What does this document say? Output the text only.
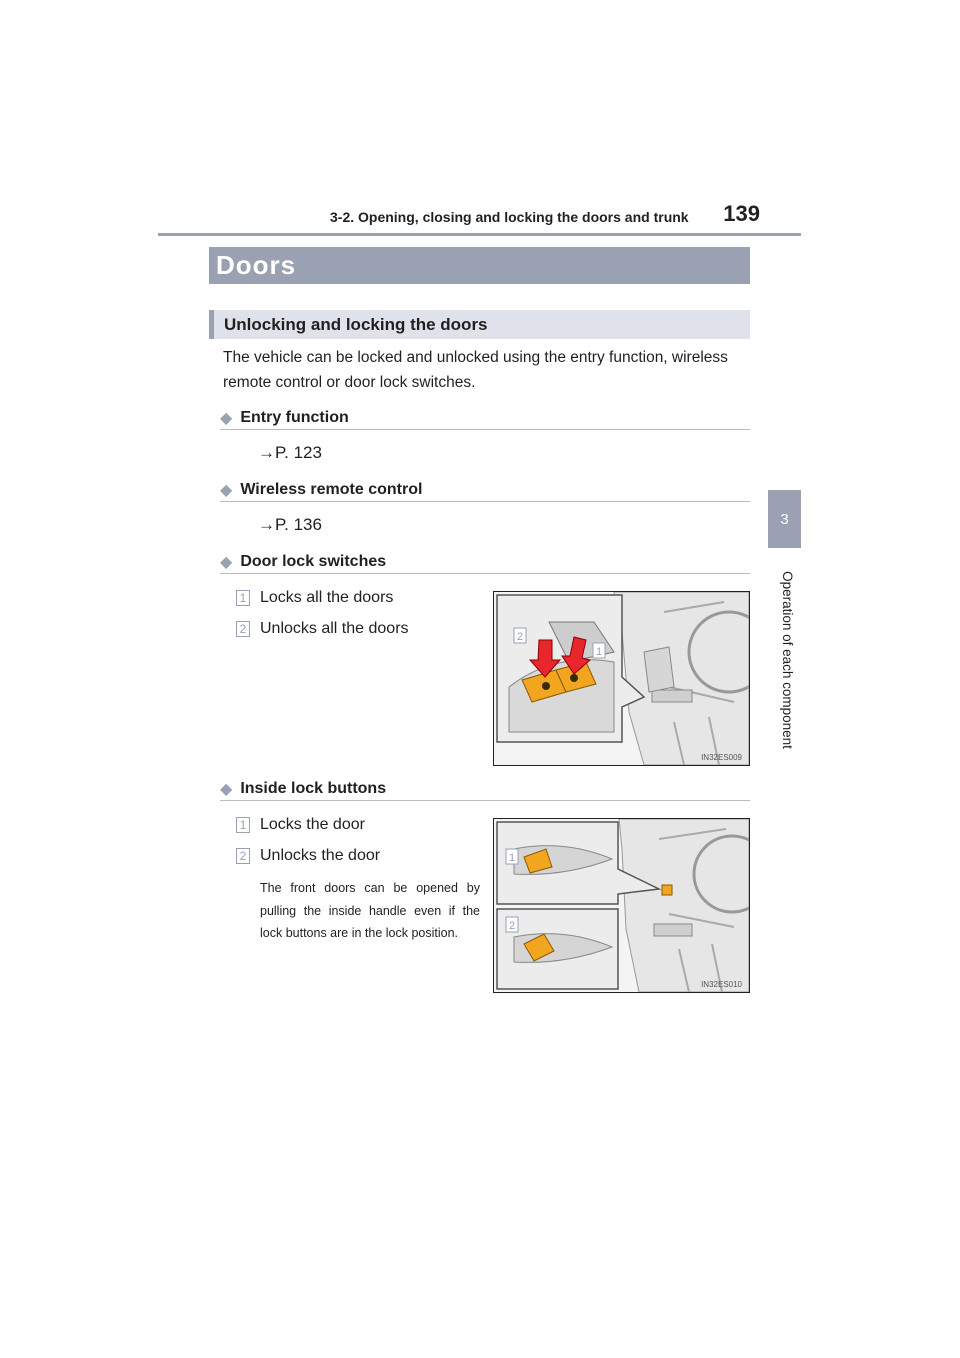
3-2. Opening, closing and locking the doors and trunk	139
3
Operation of each component
Doors
Unlocking and locking the doors
The vehicle can be locked and unlocked using the entry function, wireless remote control or door lock switches.
◆ Entry function
→P. 123
◆ Wireless remote control
→P. 136
◆ Door lock switches
1 Locks all the doors
2 Unlocks all the doors	2
1
IN32ES009
◆ Inside lock buttons
1 Locks the door
2 Unlocks the door
The front doors can be opened by pulling the inside handle even if the lock buttons are in the lock position.
1
2
IN32ES010
